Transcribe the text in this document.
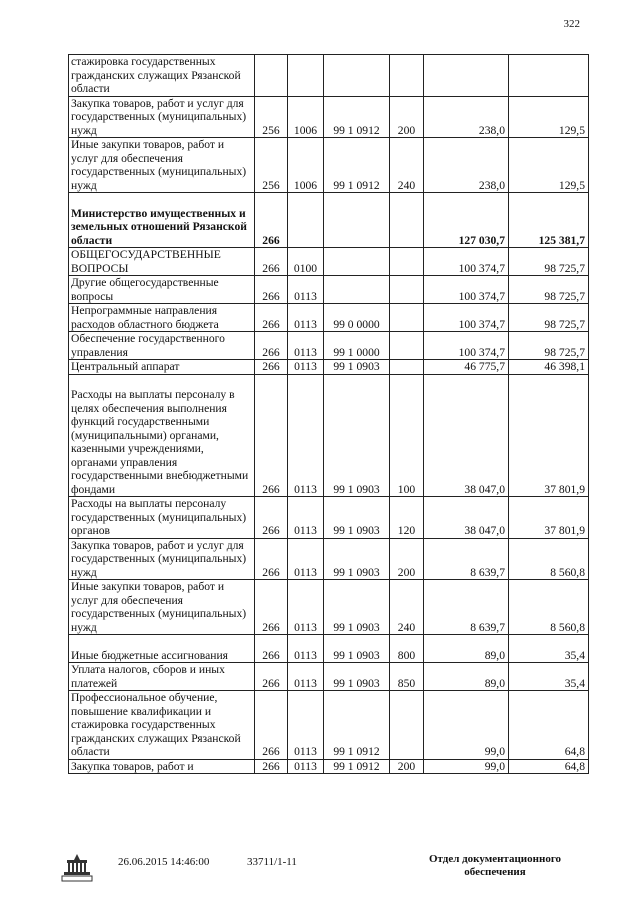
322
стажировка государственных гражданских служащих Рязанской области						
Закупка товаров, работ и услуг для государственных (муниципальных) нужд	256	1006	99 1 0912	200	238,0	129,5
Иные закупки товаров, работ и услуг для обеспечения государственных (муниципальных) нужд	256	1006	99 1 0912	240	238,0	129,5
Министерство имущественных и земельных отношений Рязанской области	266				127 030,7	125 381,7
ОБЩЕГОСУДАРСТВЕННЫЕ ВОПРОСЫ	266	0100			100 374,7	98 725,7
Другие общегосударственные вопросы	266	0113			100 374,7	98 725,7
Непрограммные направления расходов областного бюджета	266	0113	99 0 0000		100 374,7	98 725,7
Обеспечение государственного управления	266	0113	99 1 0000		100 374,7	98 725,7
Центральный аппарат	266	0113	99 1 0903		46 775,7	46 398,1
Расходы на выплаты персоналу в целях обеспечения выполнения функций государственными (муниципальными) органами, казенными учреждениями, органами управления государственными внебюджетными фондами	266	0113	99 1 0903	100	38 047,0	37 801,9
Расходы на выплаты персоналу государственных (муниципальных) органов	266	0113	99 1 0903	120	38 047,0	37 801,9
Закупка товаров, работ и услуг для государственных (муниципальных) нужд	266	0113	99 1 0903	200	8 639,7	8 560,8
Иные закупки товаров, работ и услуг для обеспечения государственных (муниципальных) нужд	266	0113	99 1 0903	240	8 639,7	8 560,8
Иные бюджетные ассигнования	266	0113	99 1 0903	800	89,0	35,4
Уплата налогов, сборов и иных платежей	266	0113	99 1 0903	850	89,0	35,4
Профессиональное обучение, повышение квалификации и стажировка государственных гражданских служащих Рязанской области	266	0113	99 1 0912		99,0	64,8
Закупка товаров, работ и	266	0113	99 1 0912	200	99,0	64,8
26.06.2015 14:46:00	33711/1-11	Отдел документационного
обеспечения
